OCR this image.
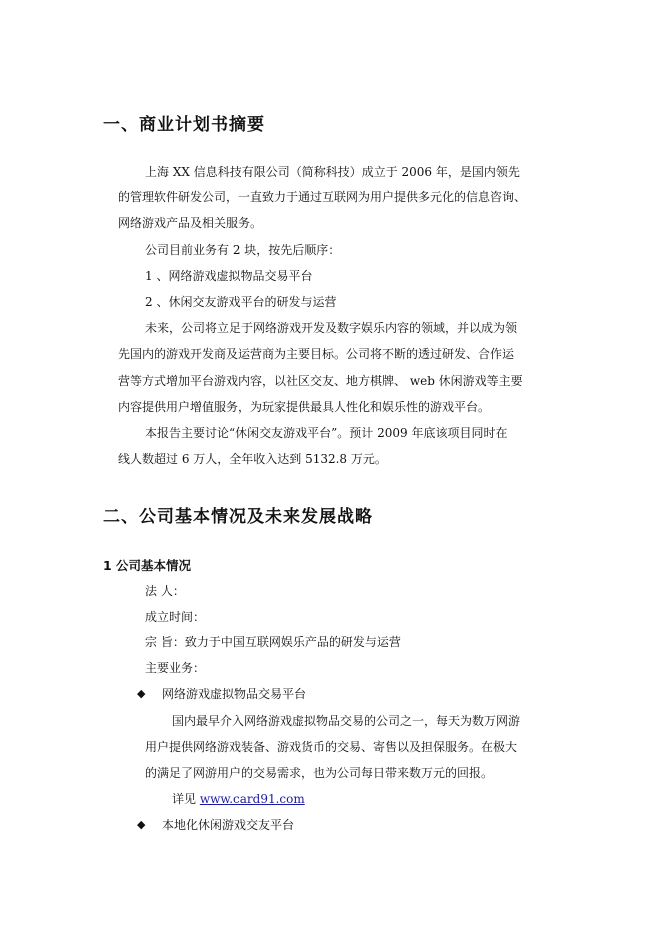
一、商业计划书摘要
上海 XX 信息科技有限公司（简称科技）成立于 2006 年，是国内领先
的管理软件研发公司，一直致力于通过互联网为用户提供多元化的信息咨询、
网络游戏产品及相关服务。
公司目前业务有 2 块，按先后顺序：
1 、网络游戏虚拟物品交易平台
2 、休闲交友游戏平台的研发与运营
未来，公司将立足于网络游戏开发及数字娱乐内容的领域，并以成为领
先国内的游戏开发商及运营商为主要目标。公司将不断的透过研发、合作运
营等方式增加平台游戏内容，以社区交友、地方棋牌、 web 休闲游戏等主要
内容提供用户增值服务，为玩家提供最具人性化和娱乐性的游戏平台。
本报告主要讨论“休闲交友游戏平台”。预计 2009 年底该项目同时在
线人数超过 6 万人，全年收入达到 5132.8 万元。
二、公司基本情况及未来发展战略
1 公司基本情况
法 人：
成立时间：
宗 旨：致力于中国互联网娱乐产品的研发与运营
主要业务：
◆ 网络游戏虚拟物品交易平台
国内最早介入网络游戏虚拟物品交易的公司之一，每天为数万网游
用户提供网络游戏装备、游戏货币的交易、寄售以及担保服务。在极大
的满足了网游用户的交易需求，也为公司每日带来数万元的回报。
详见 www.card91.com
◆ 本地化休闲游戏交友平台
